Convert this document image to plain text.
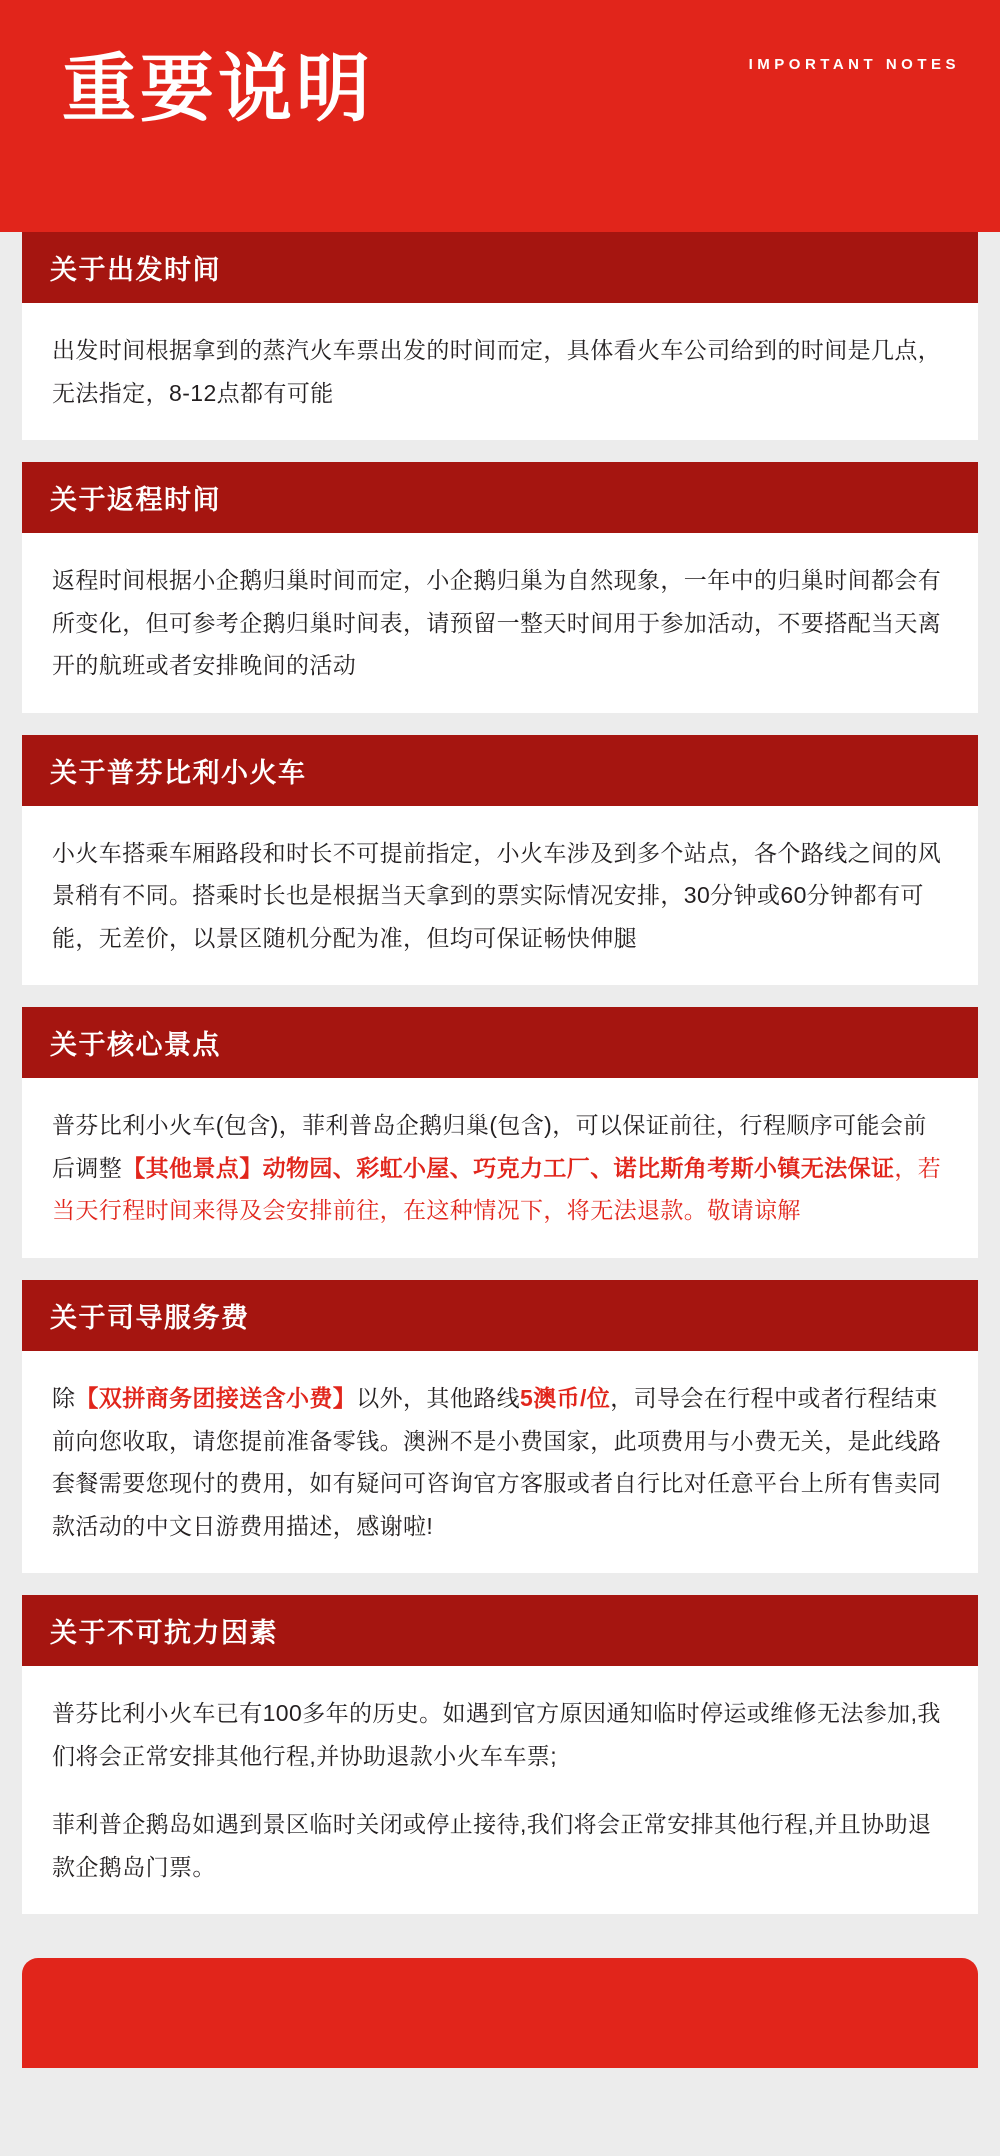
IMPORTANT NOTES
重要说明
关于出发时间

出发时间根据拿到的蒸汽火车票出发的时间而定，具体看火车公司给到的时间是几点，无法指定，8-12点都有可能

关于返程时间

返程时间根据小企鹅归巢时间而定，小企鹅归巢为自然现象，一年中的归巢时间都会有所变化，但可参考企鹅归巢时间表，请预留一整天时间用于参加活动，不要搭配当天离开的航班或者安排晚间的活动

关于普芬比利小火车

小火车搭乘车厢路段和时长不可提前指定，小火车涉及到多个站点，各个路线之间的风景稍有不同。搭乘时长也是根据当天拿到的票实际情况安排，30分钟或60分钟都有可能，无差价，以景区随机分配为准，但均可保证畅快伸腿

关于核心景点

普芬比利小火车(包含)，菲利普岛企鹅归巢(包含)，可以保证前往，行程顺序可能会前后调整【其他景点】动物园、彩虹小屋、巧克力工厂、诺比斯角考斯小镇无法保证，若当天行程时间来得及会安排前往，在这种情况下，将无法退款。敬请谅解

关于司导服务费

除【双拼商务团接送含小费】以外，其他路线5澳币/位，司导会在行程中或者行程结束前向您收取，请您提前准备零钱。澳洲不是小费国家，此项费用与小费无关，是此线路套餐需要您现付的费用，如有疑问可咨询官方客服或者自行比对任意平台上所有售卖同款活动的中文日游费用描述，感谢啦!

关于不可抗力因素

普芬比利小火车已有100多年的历史。如遇到官方原因通知临时停运或维修无法参加,我们将会正常安排其他行程,并协助退款小火车车票;

菲利普企鹅岛如遇到景区临时关闭或停止接待,我们将会正常安排其他行程,并且协助退款企鹅岛门票。
